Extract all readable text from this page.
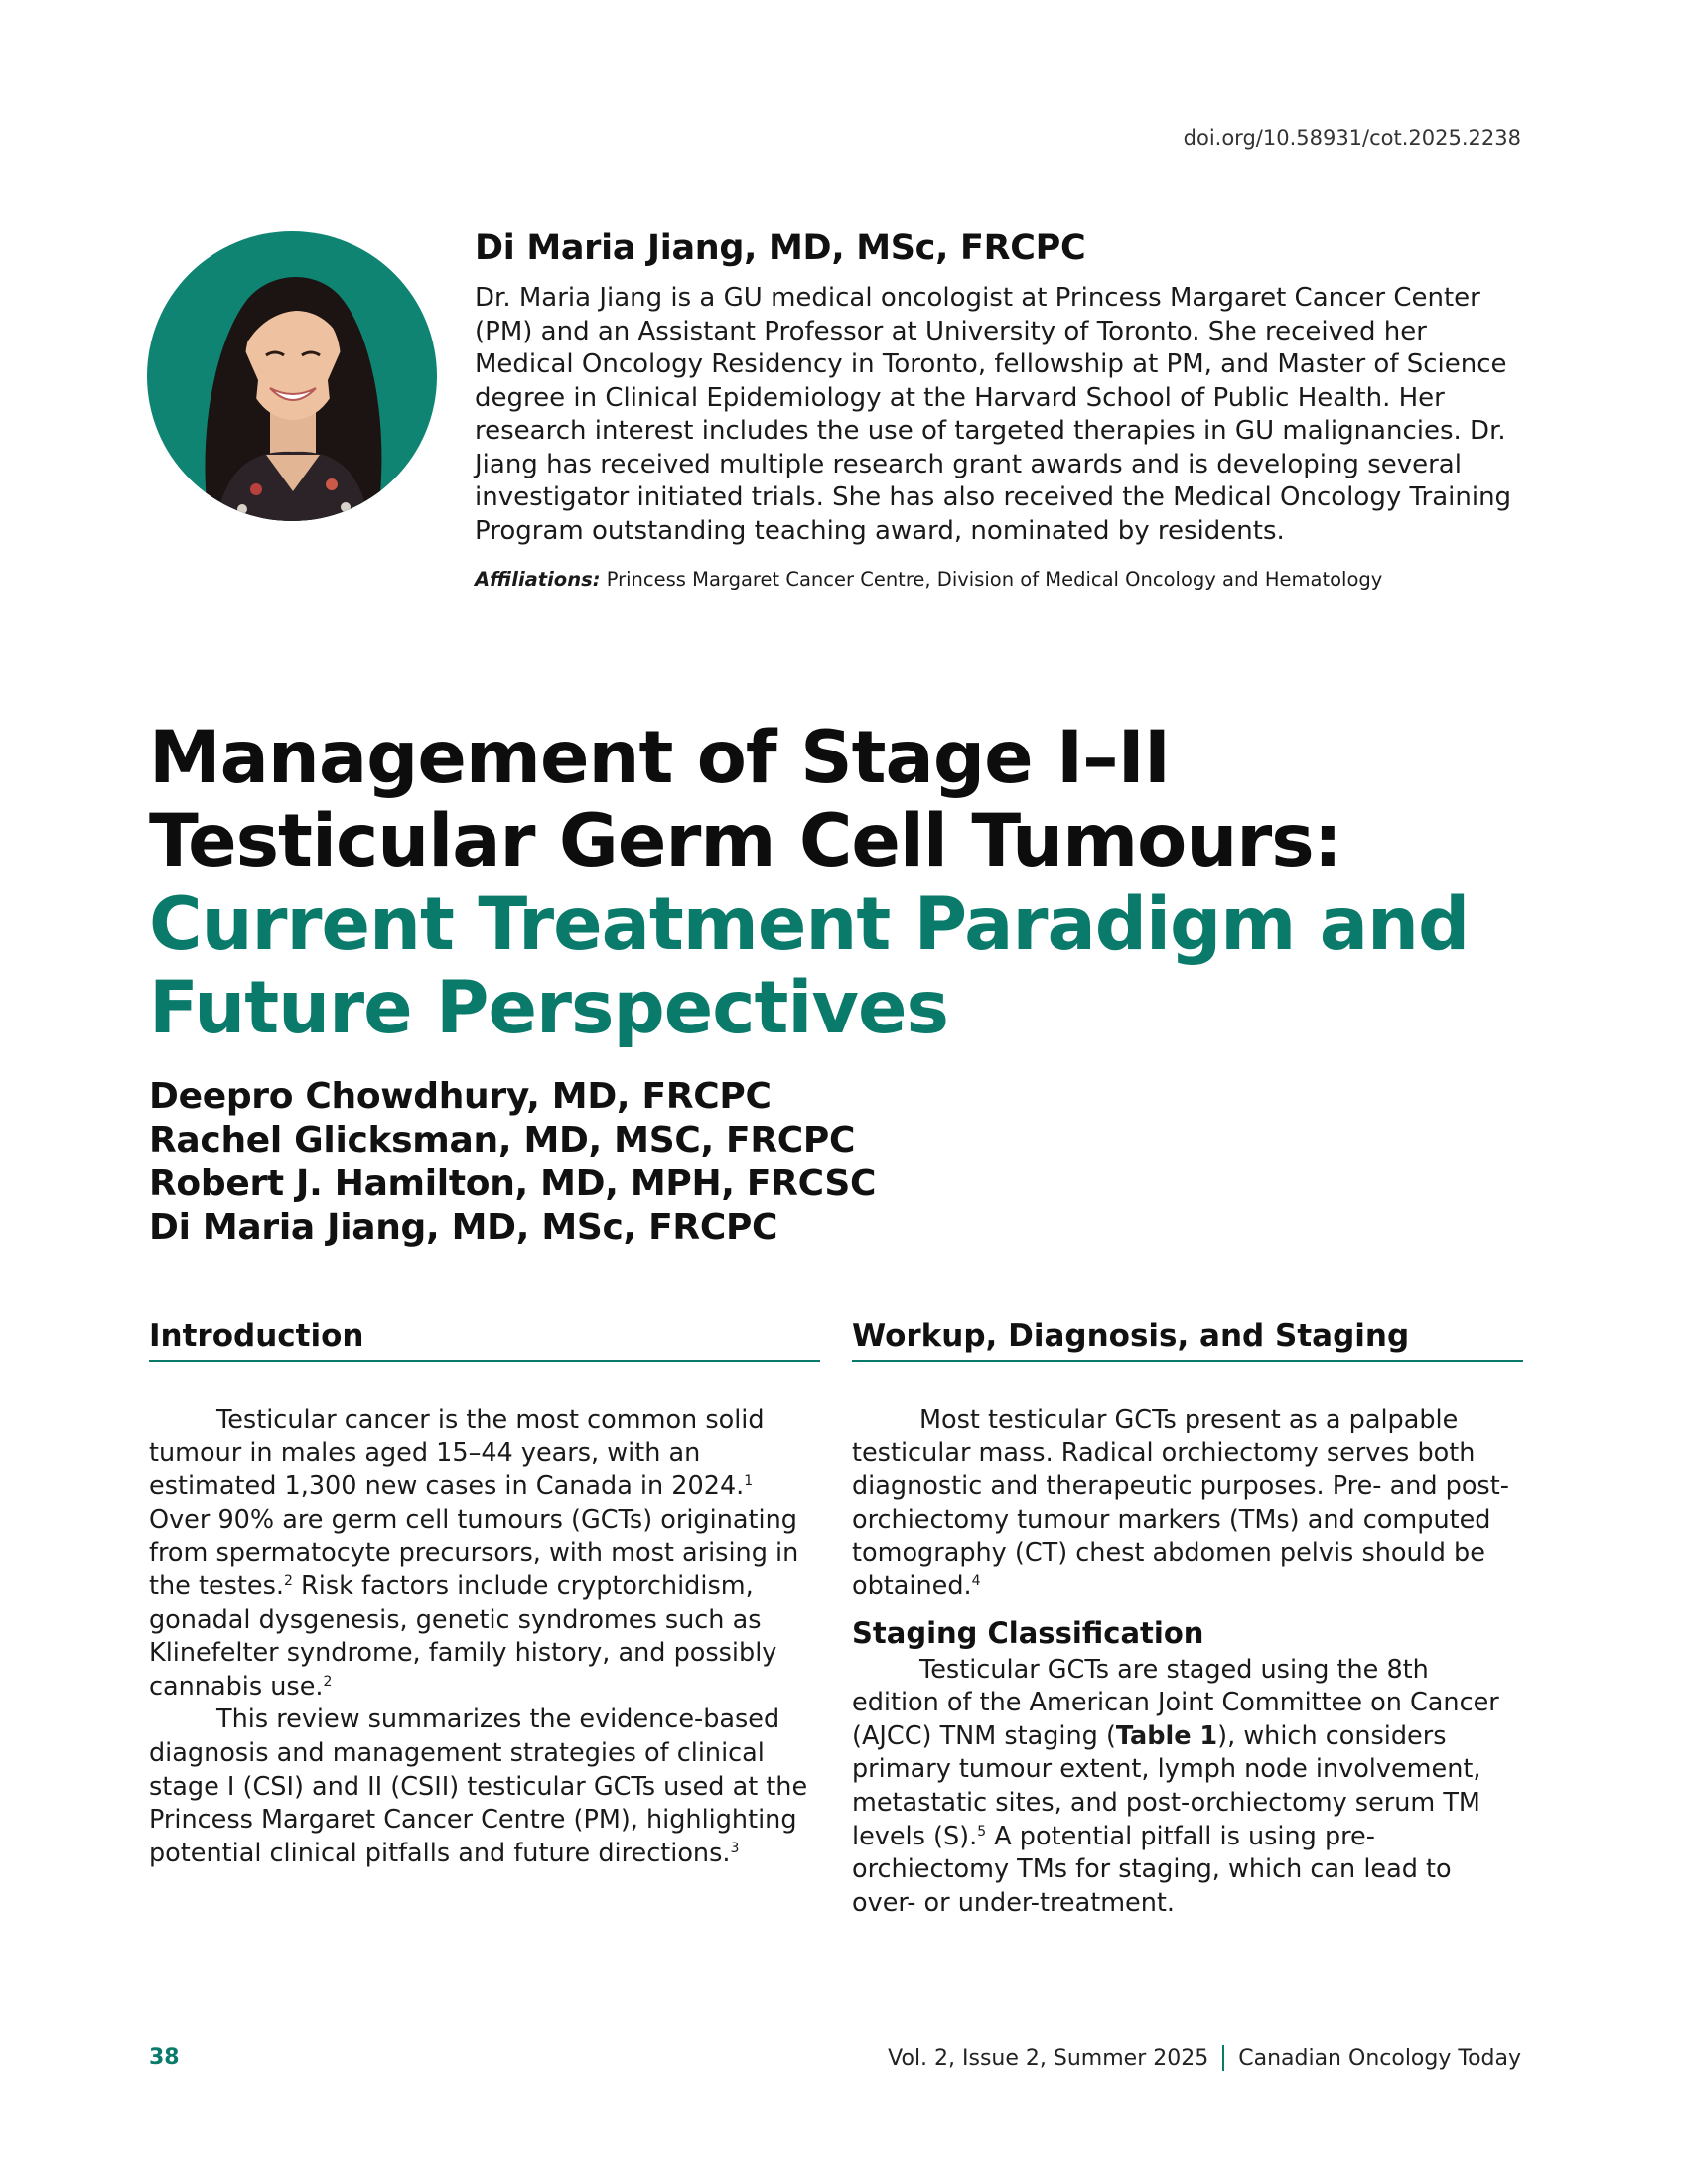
doi.org/10.58931/cot.2025.2238
Di Maria Jiang, MD, MSc, FRCPC

Dr. Maria Jiang is a GU medical oncologist at Princess Margaret Cancer Center (PM) and an Assistant Professor at University of Toronto. She received her Medical Oncology Residency in Toronto, fellowship at PM, and Master of Science degree in Clinical Epidemiology at the Harvard School of Public Health. Her research interest includes the use of targeted therapies in GU malignancies. Dr. Jiang has received multiple research grant awards and is developing several investigator initiated trials. She has also received the Medical Oncology Training Program outstanding teaching award, nominated by residents.

Affiliations: Princess Margaret Cancer Centre, Division of Medical Oncology and Hematology

Management of Stage I–II Testicular Germ Cell Tumours: Current Treatment Paradigm and Future Perspectives
Deepro Chowdhury, MD, FRCPC
Rachel Glicksman, MD, MSC, FRCPC
Robert J. Hamilton, MD, MPH, FRCSC
Di Maria Jiang, MD, MSc, FRCPC
Introduction

Testicular cancer is the most common solid tumour in males aged 15–44 years, with an estimated 1,300 new cases in Canada in 2024.$^1$ Over 90% are germ cell tumours (GCTs) originating from spermatocyte precursors, with most arising in the testes.$^2$ Risk factors include cryptorchidism, gonadal dysgenesis, genetic syndromes such as Klinefelter syndrome, family history, and possibly cannabis use.$^2$

This review summarizes the evidence-based diagnosis and management strategies of clinical stage I (CSI) and II (CSII) testicular GCTs used at the Princess Margaret Cancer Centre (PM), highlighting potential clinical pitfalls and future directions.$^3$

Workup, Diagnosis, and Staging

Most testicular GCTs present as a palpable testicular mass. Radical orchiectomy serves both diagnostic and therapeutic purposes. Pre- and post-orchiectomy tumour markers (TMs) and computed tomography (CT) chest abdomen pelvis should be obtained.$^4$

Staging Classification

Testicular GCTs are staged using the 8th edition of the American Joint Committee on Cancer (AJCC) TNM staging (Table 1), which considers primary tumour extent, lymph node involvement, metastatic sites, and post-orchiectomy serum TM levels (S).$^5$ A potential pitfall is using pre-orchiectomy TMs for staging, which can lead to over- or under-treatment.

38	Vol. 2, Issue 2, Summer 2025 Canadian Oncology Today
